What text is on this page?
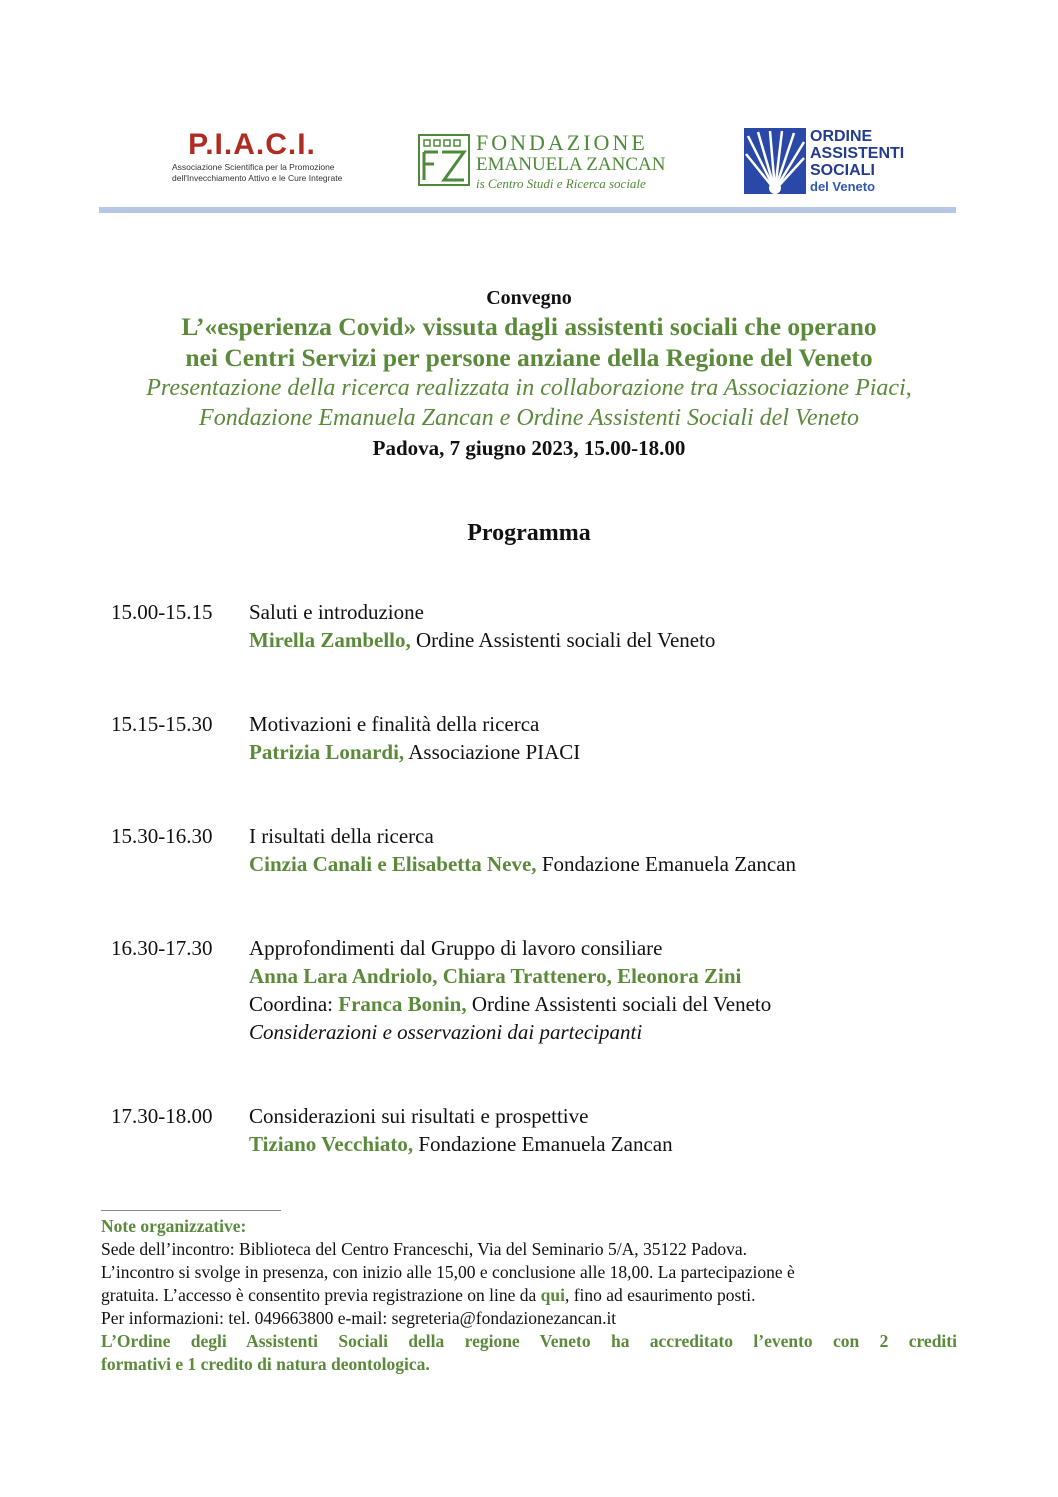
P.I.A.C.I.
Associazione Scientifica per la Promozione
dell'Invecchiamento Attivo e le Cure Integrate
FONDAZIONE
EMANUELA ZANCAN
is Centro Studi e Ricerca sociale
ORDINE
ASSISTENTI
SOCIALI
del Veneto
Convegno
L’«esperienza Covid» vissuta dagli assistenti sociali che operano
nei Centri Servizi per persone anziane della Regione del Veneto
Presentazione della ricerca realizzata in collaborazione tra Associazione Piaci,
Fondazione Emanuela Zancan e Ordine Assistenti Sociali del Veneto
Padova, 7 giugno 2023, 15.00-18.00
Programma
15.00-15.15 Saluti e introduzione
Mirella Zambello, Ordine Assistenti sociali del Veneto
15.15-15.30 Motivazioni e finalità della ricerca
Patrizia Lonardi, Associazione PIACI
15.30-16.30 I risultati della ricerca
Cinzia Canali e Elisabetta Neve, Fondazione Emanuela Zancan
16.30-17.30 Approfondimenti dal Gruppo di lavoro consiliare
Anna Lara Andriolo, Chiara Trattenero, Eleonora Zini
Coordina: Franca Bonin, Ordine Assistenti sociali del Veneto
Considerazioni e osservazioni dai partecipanti
17.30-18.00 Considerazioni sui risultati e prospettive
Tiziano Vecchiato, Fondazione Emanuela Zancan
Note organizzative:
Sede dell’incontro: Biblioteca del Centro Franceschi, Via del Seminario 5/A, 35122 Padova.
L’incontro si svolge in presenza, con inizio alle 15,00 e conclusione alle 18,00. La partecipazione è
gratuita. L’accesso è consentito previa registrazione on line da qui, fino ad esaurimento posti.
Per informazioni: tel. 049663800 e-mail: segreteria@fondazionezancan.it
L’Ordine degli Assistenti Sociali della regione Veneto ha accreditato l’evento con 2 crediti
formativi e 1 credito di natura deontologica.
